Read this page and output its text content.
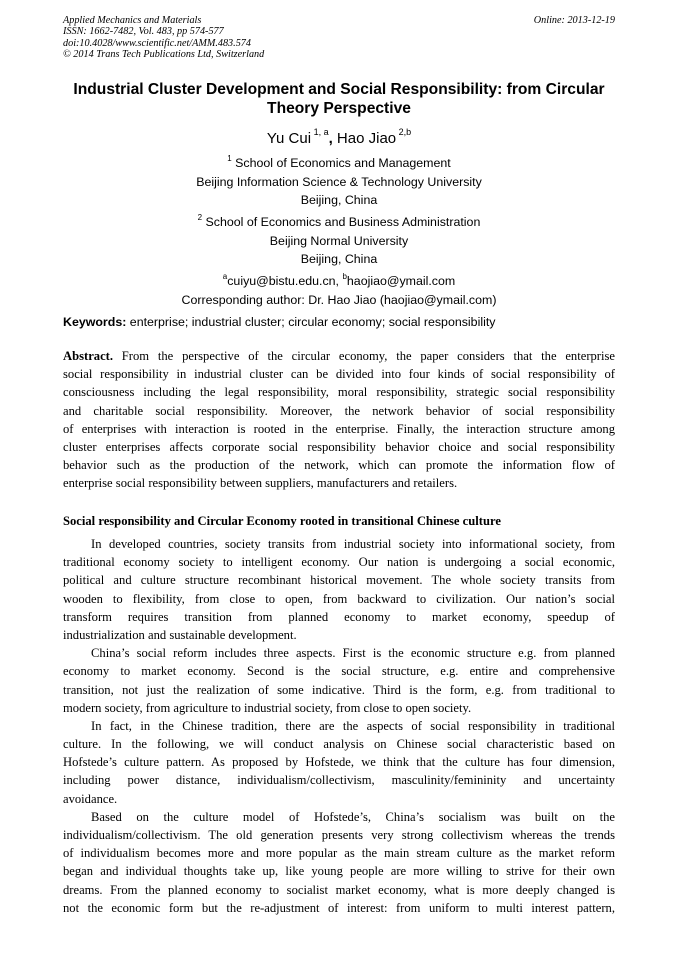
Applied Mechanics and Materials
ISSN: 1662-7482, Vol. 483, pp 574-577
doi:10.4028/www.scientific.net/AMM.483.574
© 2014 Trans Tech Publications Ltd, Switzerland
Online: 2013-12-19
Industrial Cluster Development and Social Responsibility: from Circular
Theory Perspective
Yu Cui $^{1, a}$, Hao Jiao $^{2,b}$
$^1$ School of Economics and Management
Beijing Information Science & Technology University
Beijing, China
$^2$ School of Economics and Business Administration
Beijing Normal University
Beijing, China
$^a$cuiyu@bistu.edu.cn, $^b$haojiao@ymail.com
Corresponding author: Dr. Hao Jiao (haojiao@ymail.com)
Keywords: enterprise; industrial cluster; circular economy; social responsibility
Abstract. From the perspective of the circular economy, the paper considers that the enterprise
social responsibility in industrial cluster can be divided into four kinds of social responsibility of
consciousness including the legal responsibility, moral responsibility, strategic social responsibility
and charitable social responsibility. Moreover, the network behavior of social responsibility
of enterprises with interaction is rooted in the enterprise. Finally, the interaction structure among
cluster enterprises affects corporate social responsibility behavior choice and social responsibility
behavior such as the production of the network, which can promote the information flow of
enterprise social responsibility between suppliers, manufacturers and retailers.
Social responsibility and Circular Economy rooted in transitional Chinese culture
In developed countries, society transits from industrial society into informational society, from
traditional economy society to intelligent economy. Our nation is undergoing a social economic,
political and culture structure recombinant historical movement. The whole society transits from
wooden to flexibility, from close to open, from backward to civilization. Our nation’s social
transform requires transition from planned economy to market economy, speedup of
industrialization and sustainable development.
China’s social reform includes three aspects. First is the economic structure e.g. from planned
economy to market economy. Second is the social structure, e.g. entire and comprehensive
transition, not just the realization of some indicative. Third is the form, e.g. from traditional to
modern society, from agriculture to industrial society, from close to open society.
In fact, in the Chinese tradition, there are the aspects of social responsibility in traditional
culture. In the following, we will conduct analysis on Chinese social characteristic based on
Hofstede’s culture pattern. As proposed by Hofstede, we think that the culture has four dimension,
including power distance, individualism/collectivism, masculinity/femininity and uncertainty
avoidance.
Based on the culture model of Hofstede’s, China’s socialism was built on the
individualism/collectivism. The old generation presents very strong collectivism whereas the trends
of individualism becomes more and more popular as the main stream culture as the market reform
began and individual thoughts take up, like young people are more willing to strive for their own
dreams. From the planned economy to socialist market economy, what is more deeply changed is
not the economic form but the re-adjustment of interest: from uniform to multi interest pattern,
